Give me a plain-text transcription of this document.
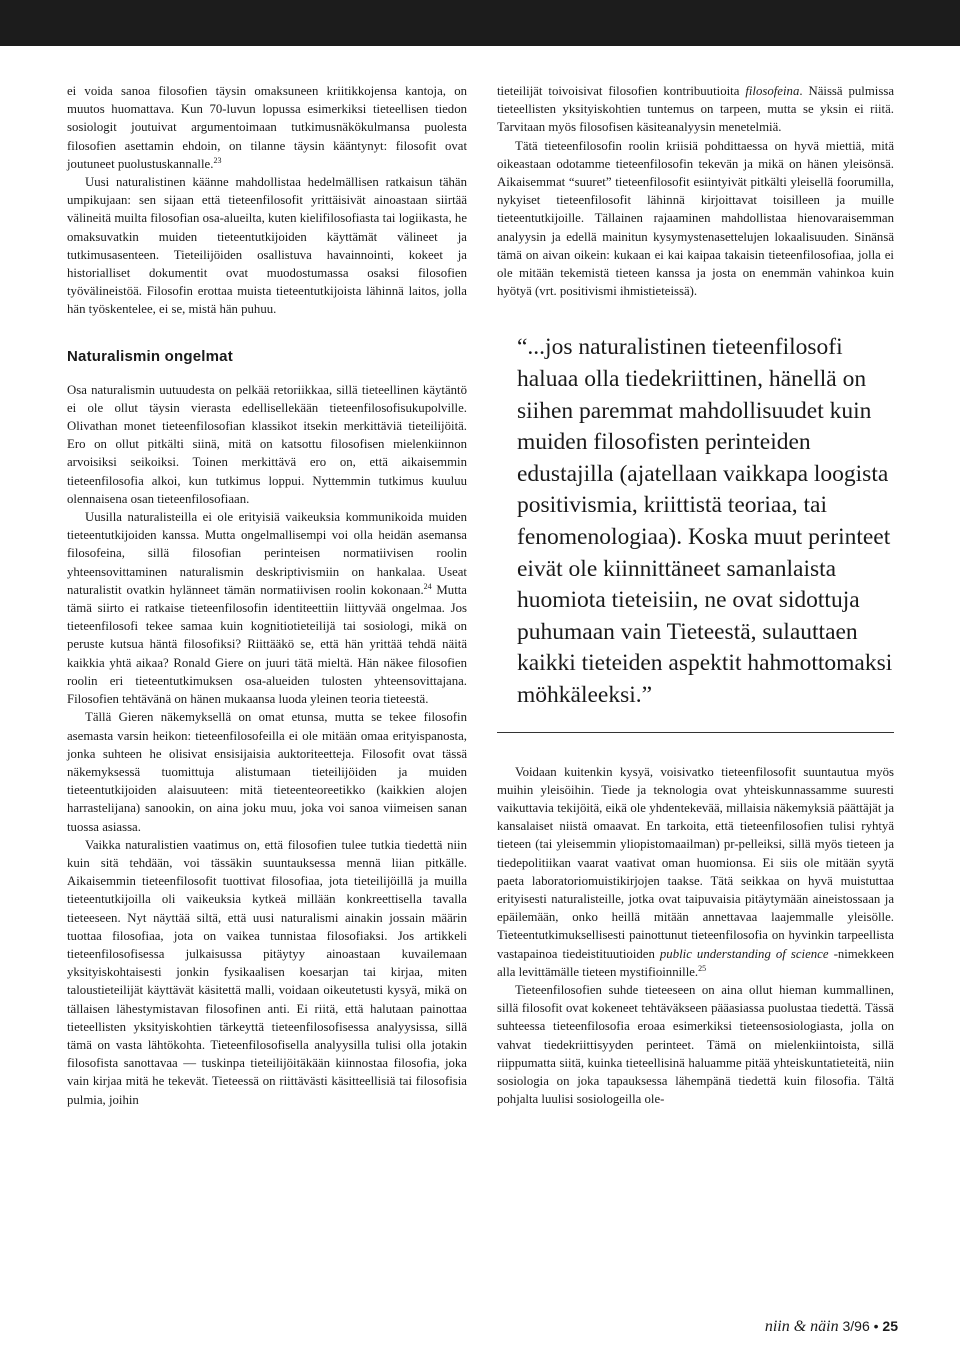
ei voida sanoa filosofien täysin omaksuneen kriitikkojensa kantoja, on muutos huomattava. Kun 70-luvun lopussa esimerkiksi tieteellisen tiedon sosiologit joutuivat argumentoimaan tutkimusnäkökulmansa puolesta filosofien asettamin ehdoin, on tilanne täysin kääntynyt: filosofit ovat joutuneet puolustuskannalle.$^{23}$

Uusi naturalistinen käänne mahdollistaa hedelmällisen ratkaisun tähän umpikujaan: sen sijaan että tieteenfilosofit yrittäisivät ainoastaan siirtää välineitä muilta filosofian osa-alueilta, kuten kielifilosofiasta tai logiikasta, he omaksuvatkin muiden tieteentutkijoiden käyttämät välineet ja tutkimusasenteen. Tieteilijöiden osallistuva havainnointi, kokeet ja historialliset dokumentit ovat muodostumassa osaksi filosofien työvälineistöä. Filosofin erottaa muista tieteentutkijoista lähinnä laitos, jolla hän työskentelee, ei se, mistä hän puhuu.

Naturalismin ongelmat

Osa naturalismin uutuudesta on pelkää retoriikkaa, sillä tieteellinen käytäntö ei ole ollut täysin vierasta edellisellekään tieteenfilosofisukupolville. Olivathan monet tieteenfilosofian klassikot itsekin merkittäviä tieteilijöitä. Ero on ollut pitkälti siinä, mitä on katsottu filosofisen mielenkiinnon arvoisiksi seikoiksi. Toinen merkittävä ero on, että aikaisemmin tieteenfilosofia alkoi, kun tutkimus loppui. Nyttemmin tutkimus kuuluu olennaisena osan tieteenfilosofiaan.

Uusilla naturalisteilla ei ole erityisiä vaikeuksia kommunikoida muiden tieteentutkijoiden kanssa. Mutta ongelmallisempi voi olla heidän asemansa filosofeina, sillä filosofian perinteisen normatiivisen roolin yhteensovittaminen naturalismin deskriptivismiin on hankalaa. Useat naturalistit ovatkin hylänneet tämän normatiivisen roolin kokonaan.$^{24}$ Mutta tämä siirto ei ratkaise tieteenfilosofin identiteettiin liittyvää ongelmaa. Jos tieteenfilosofi tekee samaa kuin kognitiotieteilijä tai sosiologi, mikä on peruste kutsua häntä filosofiksi? Riittääkö se, että hän yrittää tehdä näitä kaikkia yhtä aikaa? Ronald Giere on juuri tätä mieltä. Hän näkee filosofien roolin eri tieteentutkimuksen osa-alueiden tulosten yhteensovittajana. Filosofien tehtävänä on hänen mukaansa luoda yleinen teoria tieteestä.

Tällä Gieren näkemyksellä on omat etunsa, mutta se tekee filosofin asemasta varsin heikon: tieteenfilosofeilla ei ole mitään omaa erityispanosta, jonka suhteen he olisivat ensisijaisia auktoriteetteja. Filosofit ovat tässä näkemyksessä tuomittuja alistumaan tieteilijöiden ja muiden tieteentutkijoiden alaisuuteen: mitä tieteenteoreetikko (kaikkien alojen harrastelijana) sanookin, on aina joku muu, joka voi sanoa viimeisen sanan tuossa asiassa.

Vaikka naturalistien vaatimus on, että filosofien tulee tutkia tiedettä niin kuin sitä tehdään, voi tässäkin suuntauksessa mennä liian pitkälle. Aikaisemmin tieteenfilosofit tuottivat filosofiaa, jota tieteilijöillä ja muilla tieteentutkijoilla oli vaikeuksia kytkeä millään konkreettisella tavalla tieteeseen. Nyt näyttää siltä, että uusi naturalismi ainakin jossain määrin tuottaa filosofiaa, jota on vaikea tunnistaa filosofiaksi. Jos artikkeli tieteenfilosofisessa julkaisussa pitäytyy ainoastaan kuvailemaan yksityiskohtaisesti jonkin fysikaalisen koesarjan tai kirjaa, miten taloustieteilijät käyttävät käsitettä malli, voidaan oikeutetusti kysyä, mikä on tällaisen lähestymistavan filosofinen anti. Ei riitä, että halutaan painottaa tieteellisten yksityiskohtien tärkeyttä tieteenfilosofisessa analyysissa, sillä tämä on vasta lähtökohta. Tieteenfilosofisella analyysilla tulisi olla jotakin filosofista sanottavaa — tuskinpa tieteilijöitäkään kiinnostaa filosofia, joka vain kirjaa mitä he tekevät. Tieteessä on riittävästi käsitteellisiä tai filosofisia pulmia, joihin

tieteilijät toivoisivat filosofien kontribuutioita filosofeina. Näissä pulmissa tieteellisten yksityiskohtien tuntemus on tarpeen, mutta se yksin ei riitä. Tarvitaan myös filosofisen käsiteanalyysin menetelmiä.

Tätä tieteenfilosofin roolin kriisiä pohdittaessa on hyvä miettiä, mitä oikeastaan odotamme tieteenfilosofin tekevän ja mikä on hänen yleisönsä. Aikaisemmat “suuret” tieteenfilosofit esiintyivät pitkälti yleisellä foorumilla, nykyiset tieteenfilosofit lähinnä kirjoittavat toisilleen ja muille tieteentutkijoille. Tällainen rajaaminen mahdollistaa hienovaraisemman analyysin ja edellä mainitun kysymystenasettelujen lokaalisuuden. Sinänsä tämä on aivan oikein: kukaan ei kai kaipaa takaisin tieteenfilosofiaa, jolla ei ole mitään tekemistä tieteen kanssa ja josta on enemmän vahinkoa kuin hyötyä (vrt. positivismi ihmistieteissä).

“...jos naturalistinen tieteenfilosofi haluaa olla tiedekriittinen, hänellä on siihen paremmat mahdollisuudet kuin muiden filosofisten perinteiden edustajilla (ajatellaan vaikkapa loogista positivismia, kriittistä teoriaa, tai fenomenologiaa). Koska muut perinteet eivät ole kiinnittäneet samanlaista huomiota tieteisiin, ne ovat sidottuja puhumaan vain Tieteestä, sulauttaen kaikki tieteiden aspektit hahmottomaksi möhkäleeksi.”

Voidaan kuitenkin kysyä, voisivatko tieteenfilosofit suuntautua myös muihin yleisöihin. Tiede ja teknologia ovat yhteiskunnassamme suuresti vaikuttavia tekijöitä, eikä ole yhdentekevää, millaisia näkemyksiä päättäjät ja kansalaiset niistä omaavat. En tarkoita, että tieteenfilosofien tulisi ryhtyä tieteen (tai yleisemmin yliopistomaailman) pr-pelleiksi, sillä myös tieteen ja tiedepolitiikan vaarat vaativat oman huomionsa. Ei siis ole mitään syytä paeta laboratoriomuistikirjojen taakse. Tätä seikkaa on hyvä muistuttaa erityisesti naturalisteille, jotka ovat taipuvaisia pitäytymään aineistossaan ja epäilemään, onko heillä mitään annettavaa laajemmalle yleisölle. Tieteentutkimuksellisesti painottunut tieteenfilosofia on hyvinkin tarpeellista vastapainoa tiedeistituutioiden public understanding of science -nimekkeen alla levittämälle tieteen mystifioinnille.$^{25}$

Tieteenfilosofien suhde tieteeseen on aina ollut hieman kummallinen, sillä filosofit ovat kokeneet tehtäväkseen pääasiassa puolustaa tiedettä. Tässä suhteessa tieteenfilosofia eroaa esimerkiksi tieteensosiologiasta, jolla on vahvat tiedekriittisyyden perinteet. Tämä on mielenkiintoista, sillä riippumatta siitä, kuinka tieteellisinä haluamme pitää yhteiskuntatieteitä, niin sosiologia on joka tapauksessa lähempänä tiedettä kuin filosofia. Tältä pohjalta luulisi sosiologeilla ole-

niin & näin 3/96 • 25
